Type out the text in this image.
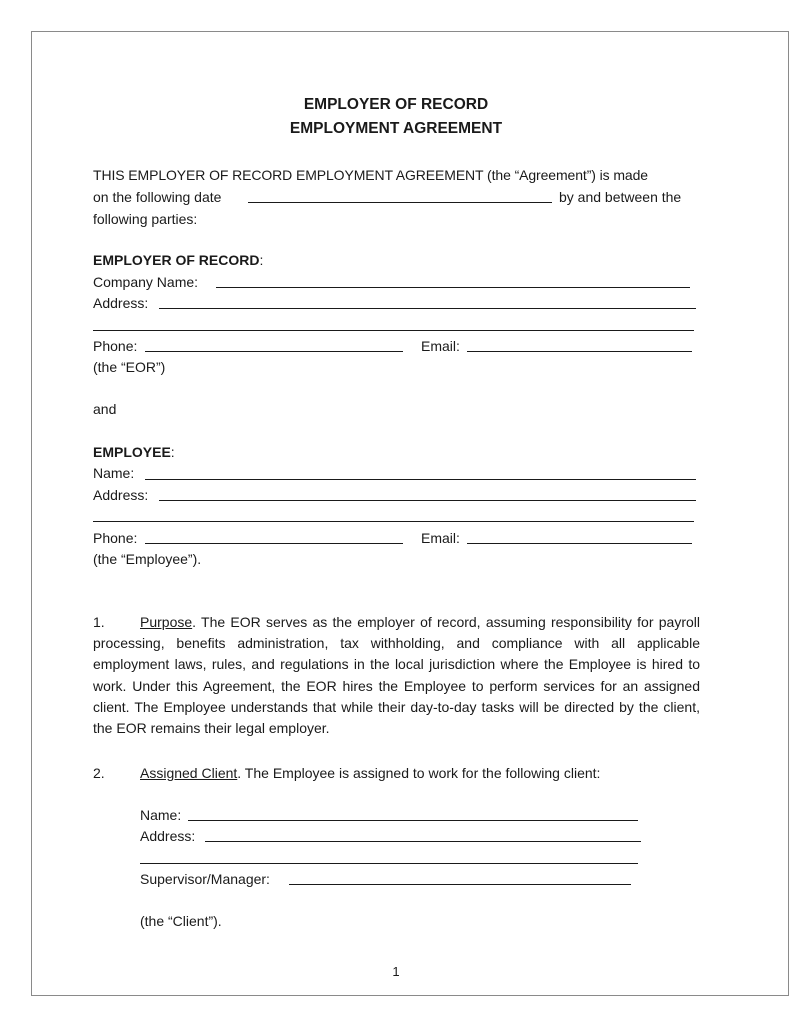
EMPLOYER OF RECORD
EMPLOYMENT AGREEMENT
THIS EMPLOYER OF RECORD EMPLOYMENT AGREEMENT (the “Agreement”) is made
on the following date	by and between the
following parties:
EMPLOYER OF RECORD:
Company Name:
Address:
Phone:	Email:
(the “EOR”)
and
EMPLOYEE:
Name:
Address:
Phone:	Email:
(the “Employee”).
Purpose. The EOR serves as the employer of record, assuming responsibility for payroll processing, benefits administration, tax withholding, and compliance with all applicable employment laws, rules, and regulations in the local jurisdiction where the Employee is hired to work. Under this Agreement, the EOR hires the Employee to perform services for an assigned client. The Employee understands that while their day-to-day tasks will be directed by the client, the EOR remains their legal employer.
1.
2.	Assigned Client. The Employee is assigned to work for the following client:
Name:
Address:
Supervisor/Manager:
(the “Client”).
1
